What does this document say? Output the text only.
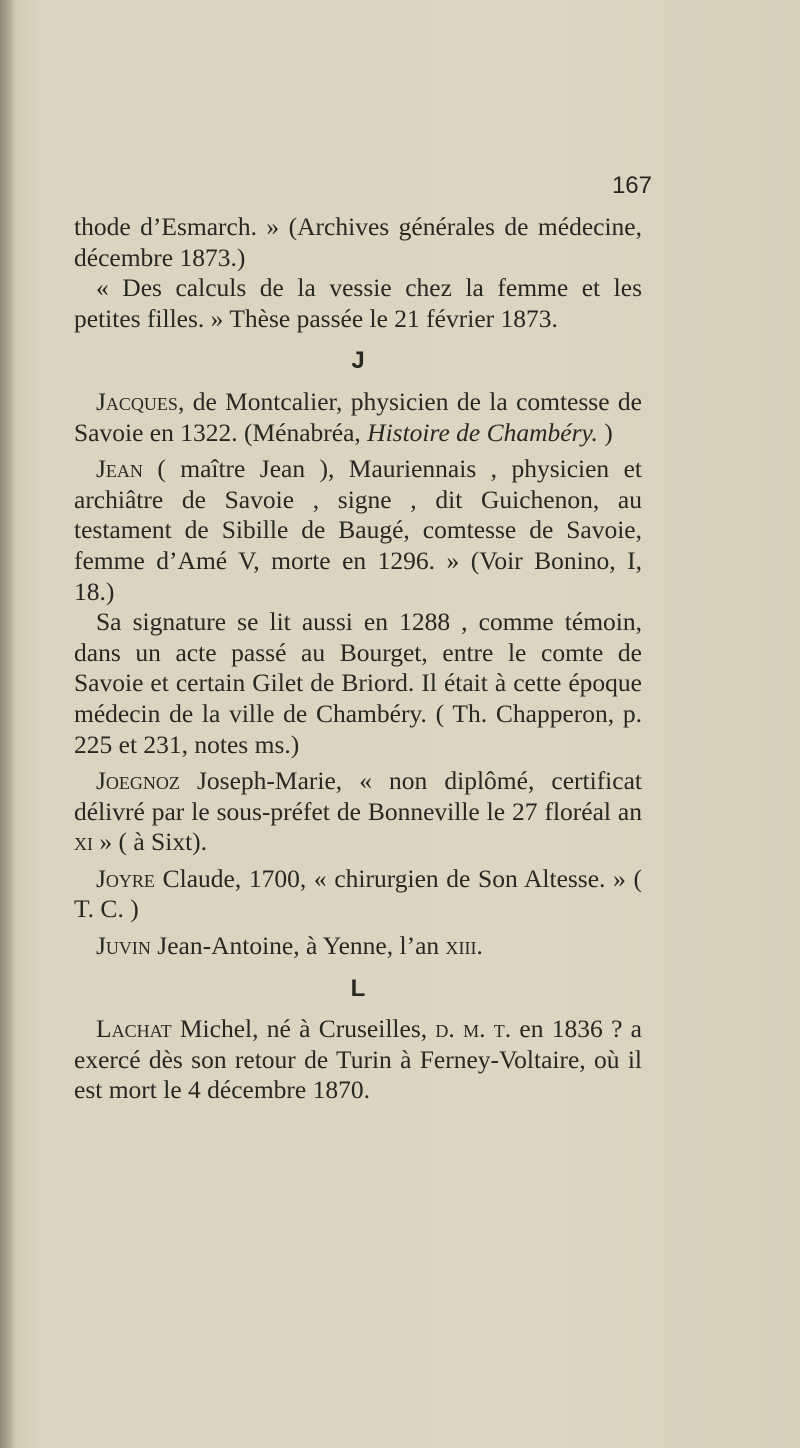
167

thode d’Esmarch. » (Archives générales de médecine, décembre 1873.)

« Des calculs de la vessie chez la femme et les petites filles. » Thèse passée le 21 février 1873.

J

Jacques, de Montcalier, physicien de la comtesse de Savoie en 1322. (Ménabréa, Histoire de Chambéry. )

Jean ( maître Jean ), Mauriennais , physicien et archiâtre de Savoie , signe , dit Guichenon, au testament de Sibille de Baugé, comtesse de Savoie, femme d’Amé V, morte en 1296. » (Voir Bonino, I, 18.)

Sa signature se lit aussi en 1288 , comme témoin, dans un acte passé au Bourget, entre le comte de Savoie et certain Gilet de Briord. Il était à cette époque médecin de la ville de Chambéry. ( Th. Chapperon, p. 225 et 231, notes ms.)

Joegnoz Joseph-Marie, « non diplômé, certificat délivré par le sous-préfet de Bonneville le 27 floréal an xi » ( à Sixt).

Joyre Claude, 1700, « chirurgien de Son Altesse. » ( T. C. )

Juvin Jean-Antoine, à Yenne, l’an xiii.

L

Lachat Michel, né à Cruseilles, d. m. t. en 1836 ? a exercé dès son retour de Turin à Ferney-Voltaire, où il est mort le 4 décembre 1870.
